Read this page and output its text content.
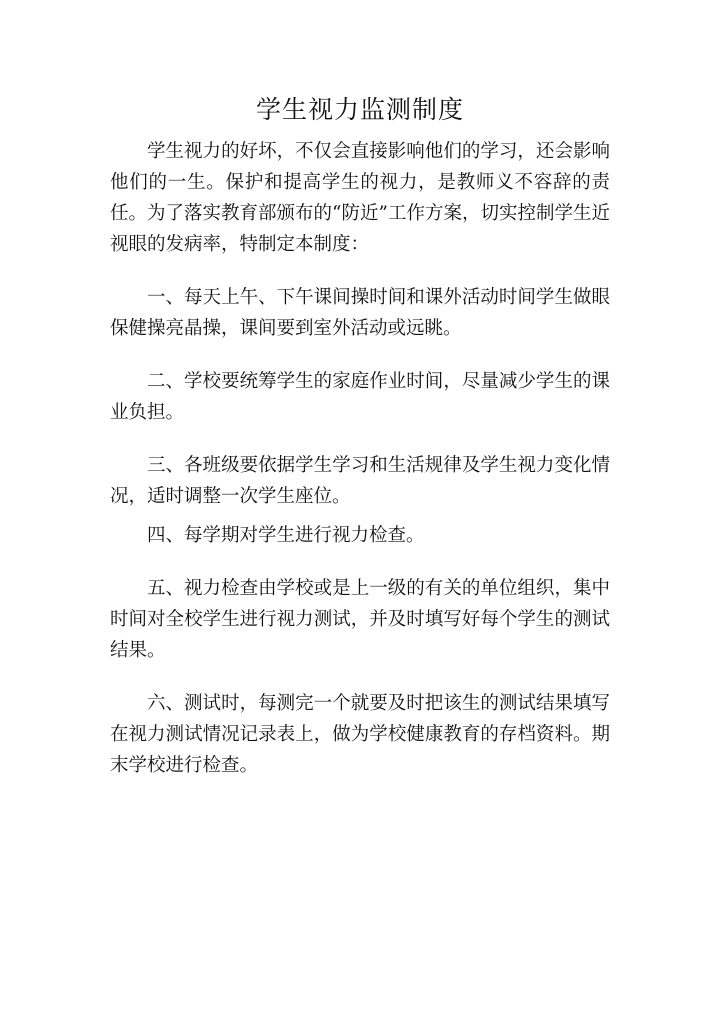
学生视力监测制度

学生视力的好坏，不仅会直接影响他们的学习，还会影响他们的一生。保护和提高学生的视力，是教师义不容辞的责任。为了落实教育部颁布的“防近”工作方案，切实控制学生近视眼的发病率，特制定本制度：

一、每天上午、下午课间操时间和课外活动时间学生做眼保健操亮晶操，课间要到室外活动或远眺。

二、学校要统筹学生的家庭作业时间，尽量减少学生的课业负担。

三、各班级要依据学生学习和生活规律及学生视力变化情况，适时调整一次学生座位。

四、每学期对学生进行视力检查。

五、视力检查由学校或是上一级的有关的单位组织，集中时间对全校学生进行视力测试，并及时填写好每个学生的测试结果。

六、测试时，每测完一个就要及时把该生的测试结果填写在视力测试情况记录表上，做为学校健康教育的存档资料。期末学校进行检查。
